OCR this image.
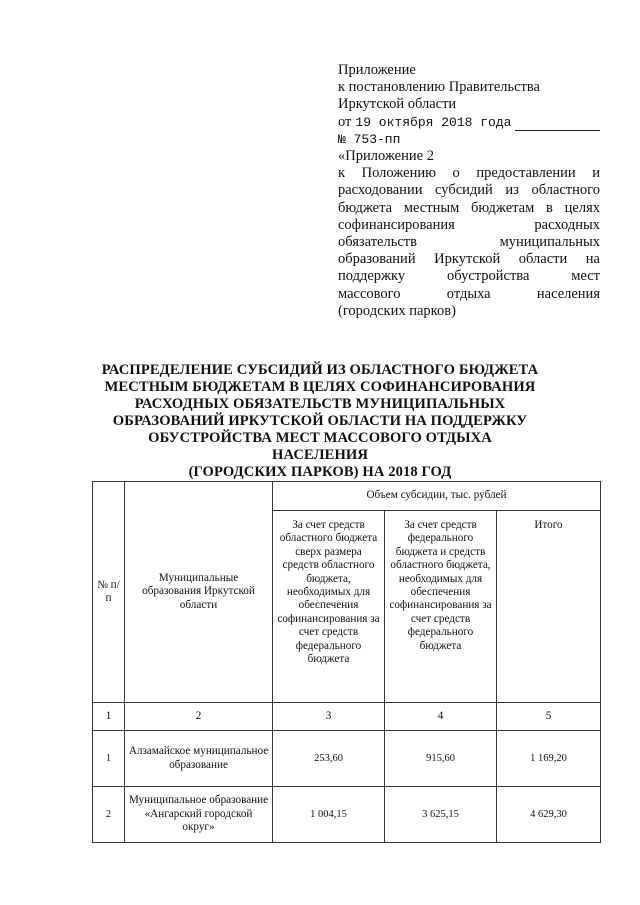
Приложение
к постановлению Правительства
Иркутской области
от 19 октября 2018 года
№ 753-пп
«Приложение 2
к Положению о предоставлении и
расходовании субсидий из областного
бюджета местным бюджетам в целях
софинансирования расходных
обязательств муниципальных
образований Иркутской области на
поддержку обустройства мест
массового отдыха населения
(городских парков)
РАСПРЕДЕЛЕНИЕ СУБСИДИЙ ИЗ ОБЛАСТНОГО БЮДЖЕТА
МЕСТНЫМ БЮДЖЕТАМ В ЦЕЛЯХ СОФИНАНСИРОВАНИЯ
РАСХОДНЫХ ОБЯЗАТЕЛЬСТВ МУНИЦИПАЛЬНЫХ
ОБРАЗОВАНИЙ ИРКУТСКОЙ ОБЛАСТИ НА ПОДДЕРЖКУ
ОБУСТРОЙСТВА МЕСТ МАССОВОГО ОТДЫХА НАСЕЛЕНИЯ
(ГОРОДСКИХ ПАРКОВ) НА 2018 ГОД
№ п/п	Муниципальные образования Иркутской области	Объем субсидии, тыс. рублей		
		За счет средств областного бюджета сверх размера средств областного бюджета, необходимых для обеспечения софинансирования за счет средств федерального бюджета	За счет средств федерального бюджета и средств областного бюджета, необходимых для обеспечения софинансирования за счет средств федерального бюджета	Итого
1	2	3	4	5
1	Алзамайское муниципальное образование	253,60	915,60	1 169,20
2	Муниципальное образование «Ангарский городской округ»	1 004,15	3 625,15	4 629,30
